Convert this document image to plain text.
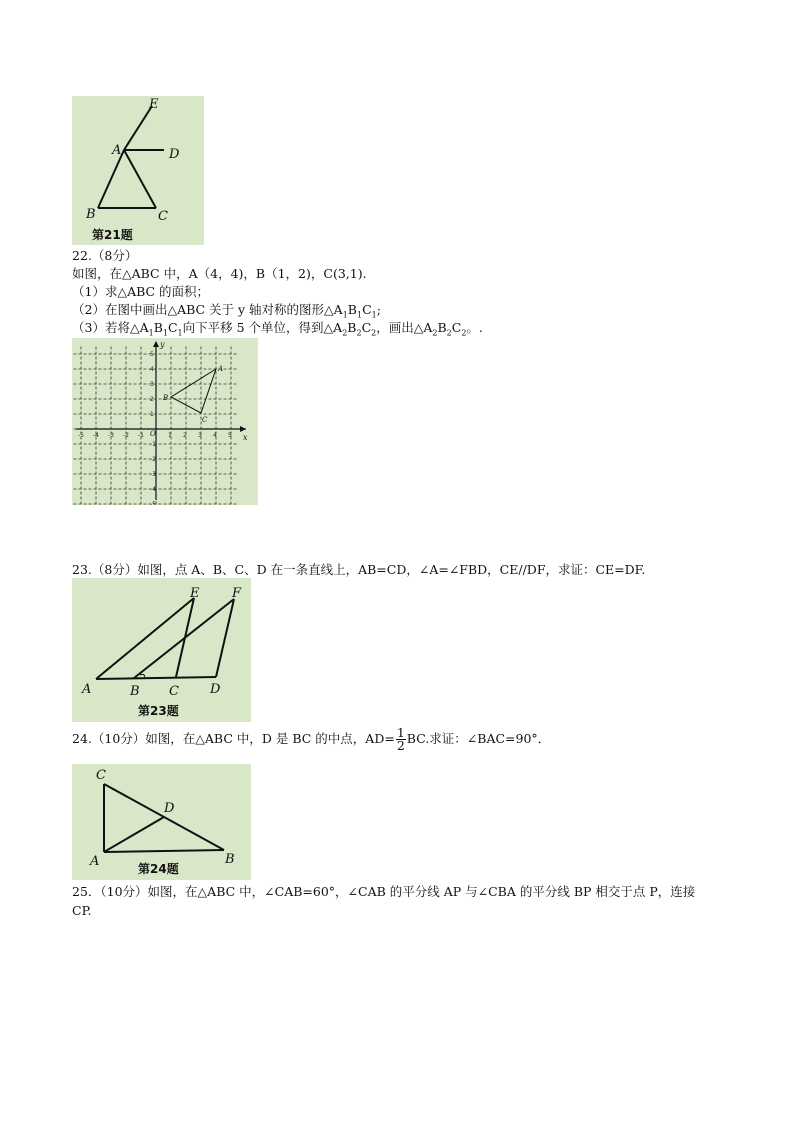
E
A	D
B	C
第21题
22.（8分）
如图，在△ABC 中，A（4，4)，B（1，2)，C(3,1).
（1）求△ABC 的面积；
（2）在图中画出△ABC 关于 y 轴对称的图形$\triangle A_1B_1C_1$;
（3）若将$\triangle A_1B_1C_1$向下平移 5 个单位，得到$\triangle A_2B_2C_2$，画出$\triangle A_2B_2C_2$。.
-5 -4 -3 -2 -1	1 2 3 4 5
5
4
3
2
1
-1
-2
-3
-4
-5
x
y
O
A
B
C
23.（8分）如图，点 A、B、C、D 在一条直线上，AB=CD，∠A=∠FBD，CE//DF，求证：CE=DF.
E	F
A	B C D
第23题
24.（10分）如图，在△ABC 中，D 是 BC 的中点，$AD= \frac{1}{2}$ BC.求证：∠BAC=90°．
C
D
A	B
第24题
25．（10分）如图，在△ABC 中，∠CAB=60°，∠CAB 的平分线 AP 与∠CBA 的平分线 BP 相交于点 P，连接
CP.
